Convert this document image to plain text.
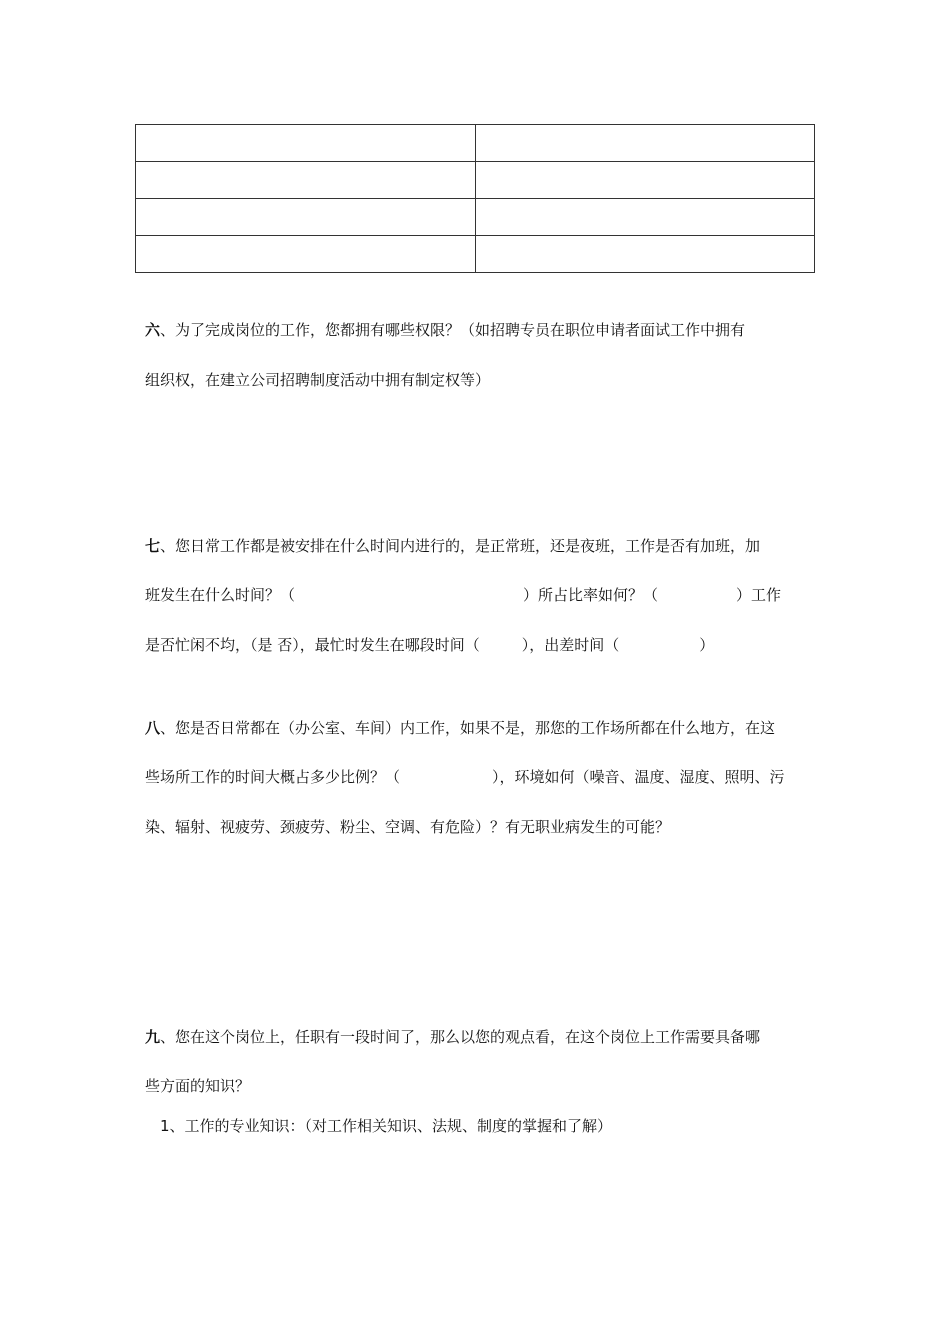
六、为了完成岗位的工作，您都拥有哪些权限？（如招聘专员在职位申请者面试工作中拥有
组织权，在建立公司招聘制度活动中拥有制定权等）
七、您日常工作都是被安排在什么时间内进行的，是正常班，还是夜班，工作是否有加班，加
班发生在什么时间？（	）所占比率如何？（	）工作
是否忙闲不均，（是 否），最忙时发生在哪段时间（	），出差时间（	）
八、您是否日常都在（办公室、车间）内工作，如果不是，那您的工作场所都在什么地方，在这
些场所工作的时间大概占多少比例？（	），环境如何（噪音、温度、湿度、照明、污
染、辐射、视疲劳、颈疲劳、粉尘、空调、有危险）？有无职业病发生的可能？
九、您在这个岗位上，任职有一段时间了，那么以您的观点看，在这个岗位上工作需要具备哪
些方面的知识？
1、工作的专业知识：（对工作相关知识、法规、制度的掌握和了解）
